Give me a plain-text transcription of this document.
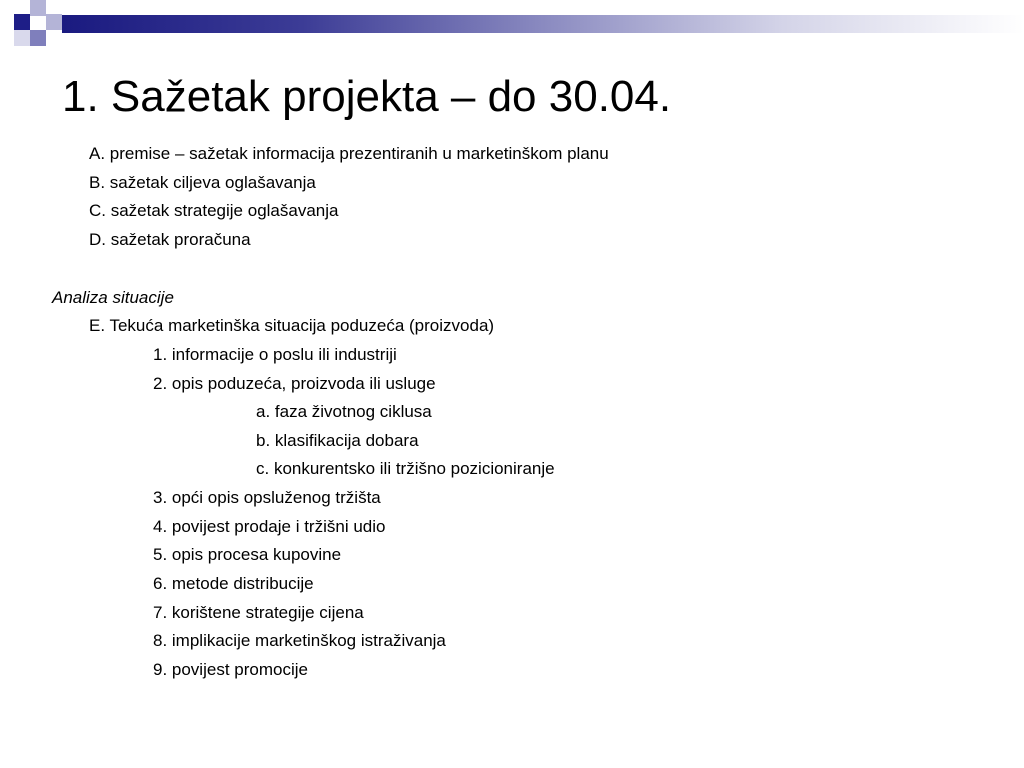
1. Sažetak projekta – do 30.04.
A. premise – sažetak informacija prezentiranih u marketinškom planu
B. sažetak ciljeva oglašavanja
C. sažetak strategije oglašavanja
D. sažetak proračuna
Analiza situacije
E. Tekuća marketinška situacija poduzeća (proizvoda)
1. informacije o poslu ili industriji
2. opis poduzeća, proizvoda ili usluge
a. faza životnog ciklusa
b. klasifikacija dobara
c. konkurentsko ili tržišno pozicioniranje
3. opći opis opsluženog tržišta
4. povijest prodaje i tržišni udio
5. opis procesa kupovine
6. metode distribucije
7. korištene strategije cijena
8. implikacije marketinškog istraživanja
9. povijest promocije
